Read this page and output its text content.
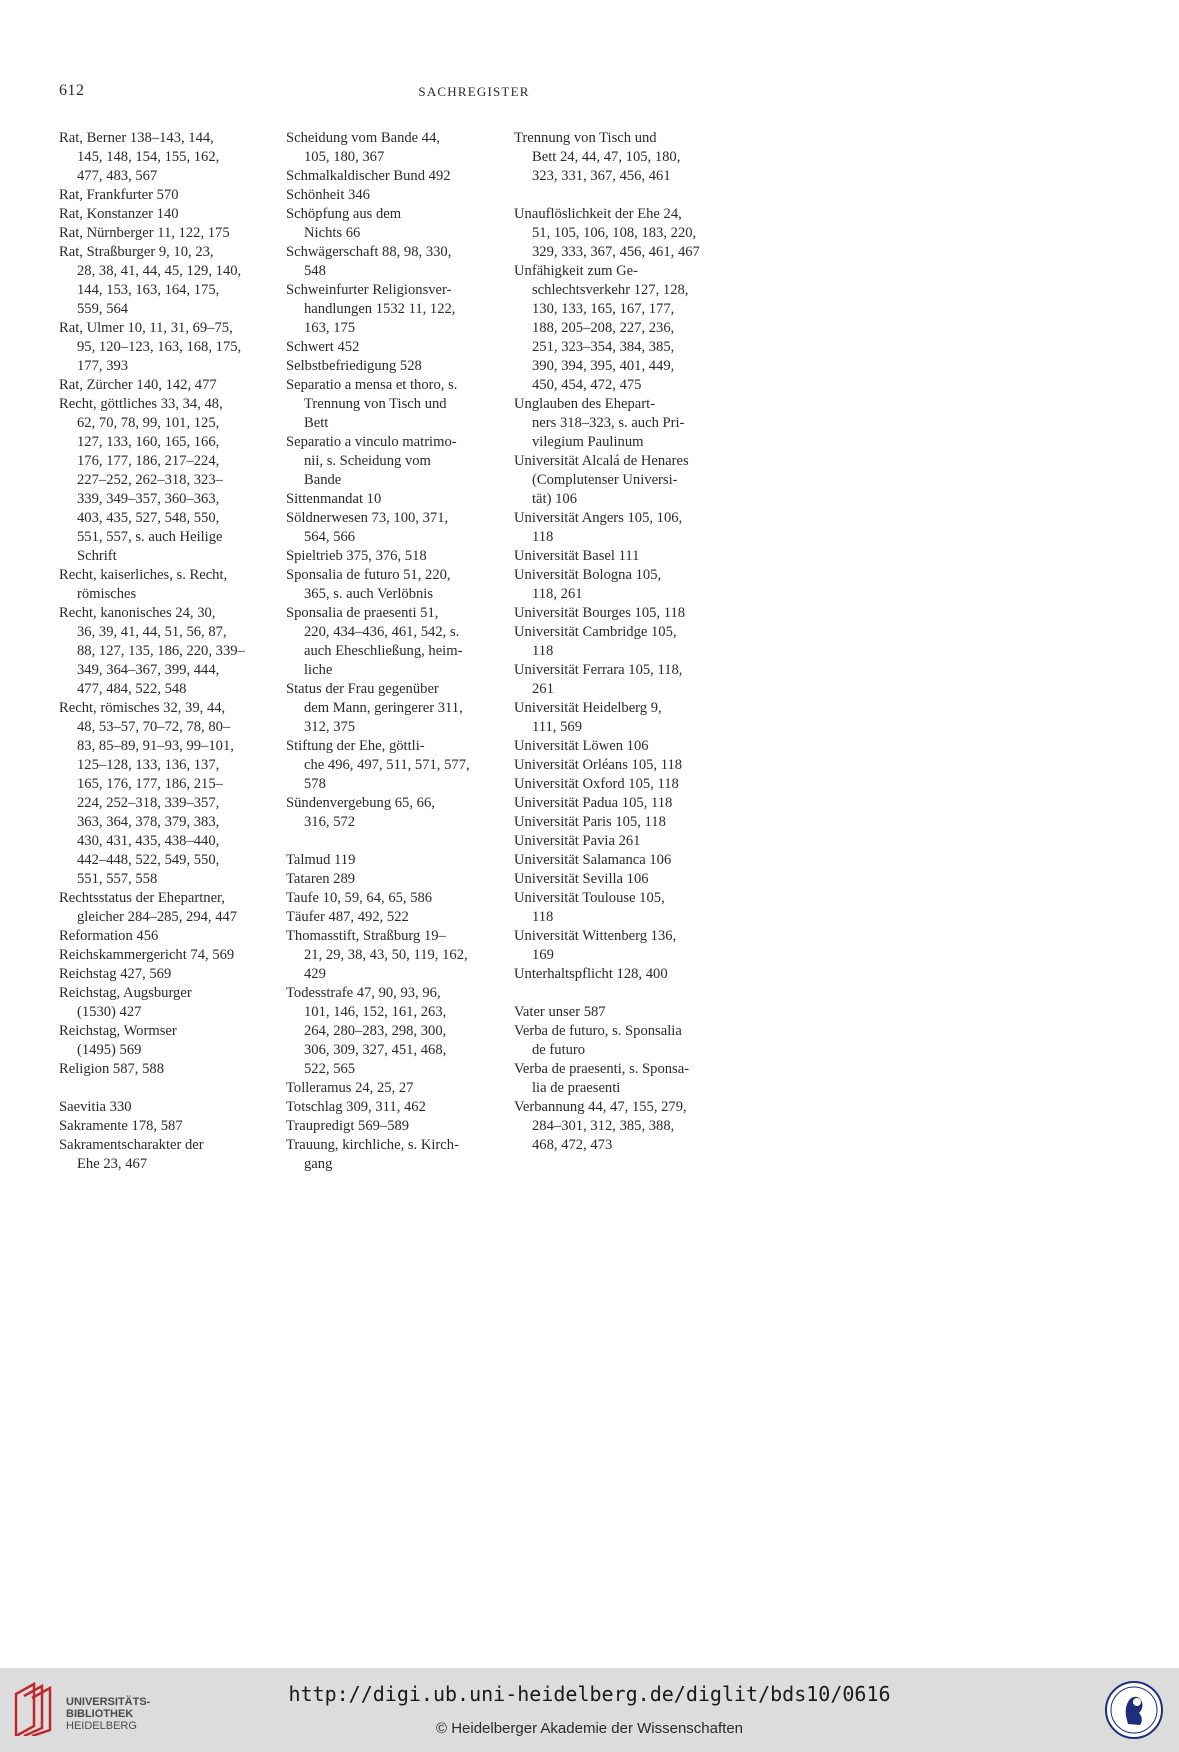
612	SACHREGISTER

Rat, Berner 138–143, 144,
145, 148, 154, 155, 162,
477, 483, 567

Rat, Frankfurter 570

Rat, Konstanzer 140

Rat, Nürnberger 11, 122, 175

Rat, Straßburger 9, 10, 23,
28, 38, 41, 44, 45, 129, 140,
144, 153, 163, 164, 175,
559, 564

Rat, Ulmer 10, 11, 31, 69–75,
95, 120–123, 163, 168, 175,
177, 393

Rat, Zürcher 140, 142, 477

Recht, göttliches 33, 34, 48,
62, 70, 78, 99, 101, 125,
127, 133, 160, 165, 166,
176, 177, 186, 217–224,
227–252, 262–318, 323–
339, 349–357, 360–363,
403, 435, 527, 548, 550,
551, 557, s. auch Heilige
Schrift

Recht, kaiserliches, s. Recht,
römisches

Recht, kanonisches 24, 30,
36, 39, 41, 44, 51, 56, 87,
88, 127, 135, 186, 220, 339–
349, 364–367, 399, 444,
477, 484, 522, 548

Recht, römisches 32, 39, 44,
48, 53–57, 70–72, 78, 80–
83, 85–89, 91–93, 99–101,
125–128, 133, 136, 137,
165, 176, 177, 186, 215–
224, 252–318, 339–357,
363, 364, 378, 379, 383,
430, 431, 435, 438–440,
442–448, 522, 549, 550,
551, 557, 558

Rechtsstatus der Ehepartner,
gleicher 284–285, 294, 447

Reformation 456

Reichskammergericht 74, 569

Reichstag 427, 569

Reichstag, Augsburger
(1530) 427

Reichstag, Wormser
(1495) 569

Religion 587, 588

Saevitia 330

Sakramente 178, 587

Sakramentscharakter der
Ehe 23, 467

Scheidung vom Bande 44,
105, 180, 367

Schmalkaldischer Bund 492

Schönheit 346

Schöpfung aus dem
Nichts 66

Schwägerschaft 88, 98, 330,
548

Schweinfurter Religionsver-
handlungen 1532 11, 122,
163, 175

Schwert 452

Selbstbefriedigung 528

Separatio a mensa et thoro, s.
Trennung von Tisch und
Bett

Separatio a vinculo matrimo-
nii, s. Scheidung vom
Bande

Sittenmandat 10

Söldnerwesen 73, 100, 371,
564, 566

Spieltrieb 375, 376, 518

Sponsalia de futuro 51, 220,
365, s. auch Verlöbnis

Sponsalia de praesenti 51,
220, 434–436, 461, 542, s.
auch Eheschließung, heim-
liche

Status der Frau gegenüber
dem Mann, geringerer 311,
312, 375

Stiftung der Ehe, göttli-
che 496, 497, 511, 571, 577,
578

Sündenvergebung 65, 66,
316, 572

Talmud 119

Tataren 289

Taufe 10, 59, 64, 65, 586

Täufer 487, 492, 522

Thomasstift, Straßburg 19–
21, 29, 38, 43, 50, 119, 162,
429

Todesstrafe 47, 90, 93, 96,
101, 146, 152, 161, 263,
264, 280–283, 298, 300,
306, 309, 327, 451, 468,
522, 565

Tolleramus 24, 25, 27

Totschlag 309, 311, 462

Traupredigt 569–589

Trauung, kirchliche, s. Kirch-
gang

Trennung von Tisch und
Bett 24, 44, 47, 105, 180,
323, 331, 367, 456, 461

Unauflöslichkeit der Ehe 24,
51, 105, 106, 108, 183, 220,
329, 333, 367, 456, 461, 467

Unfähigkeit zum Ge-
schlechtsverkehr 127, 128,
130, 133, 165, 167, 177,
188, 205–208, 227, 236,
251, 323–354, 384, 385,
390, 394, 395, 401, 449,
450, 454, 472, 475

Unglauben des Ehepart-
ners 318–323, s. auch Pri-
vilegium Paulinum

Universität Alcalá de Henares
(Complutenser Universi-
tät) 106

Universität Angers 105, 106,
118

Universität Basel 111

Universität Bologna 105,
118, 261

Universität Bourges 105, 118

Universität Cambridge 105,
118

Universität Ferrara 105, 118,
261

Universität Heidelberg 9,
111, 569

Universität Löwen 106

Universität Orléans 105, 118

Universität Oxford 105, 118

Universität Padua 105, 118

Universität Paris 105, 118

Universität Pavia 261

Universität Salamanca 106

Universität Sevilla 106

Universität Toulouse 105,
118

Universität Wittenberg 136,
169

Unterhaltspflicht 128, 400

Vater unser 587

Verba de futuro, s. Sponsalia
de futuro

Verba de praesenti, s. Sponsa-
lia de praesenti

Verbannung 44, 47, 155, 279,
284–301, 312, 385, 388,
468, 472, 473

UNIVERSITÄTS-
BIBLIOTHEK
HEIDELBERG
http://digi.ub.uni-heidelberg.de/diglit/bds10/0616
© Heidelberger Akademie der Wissenschaften
